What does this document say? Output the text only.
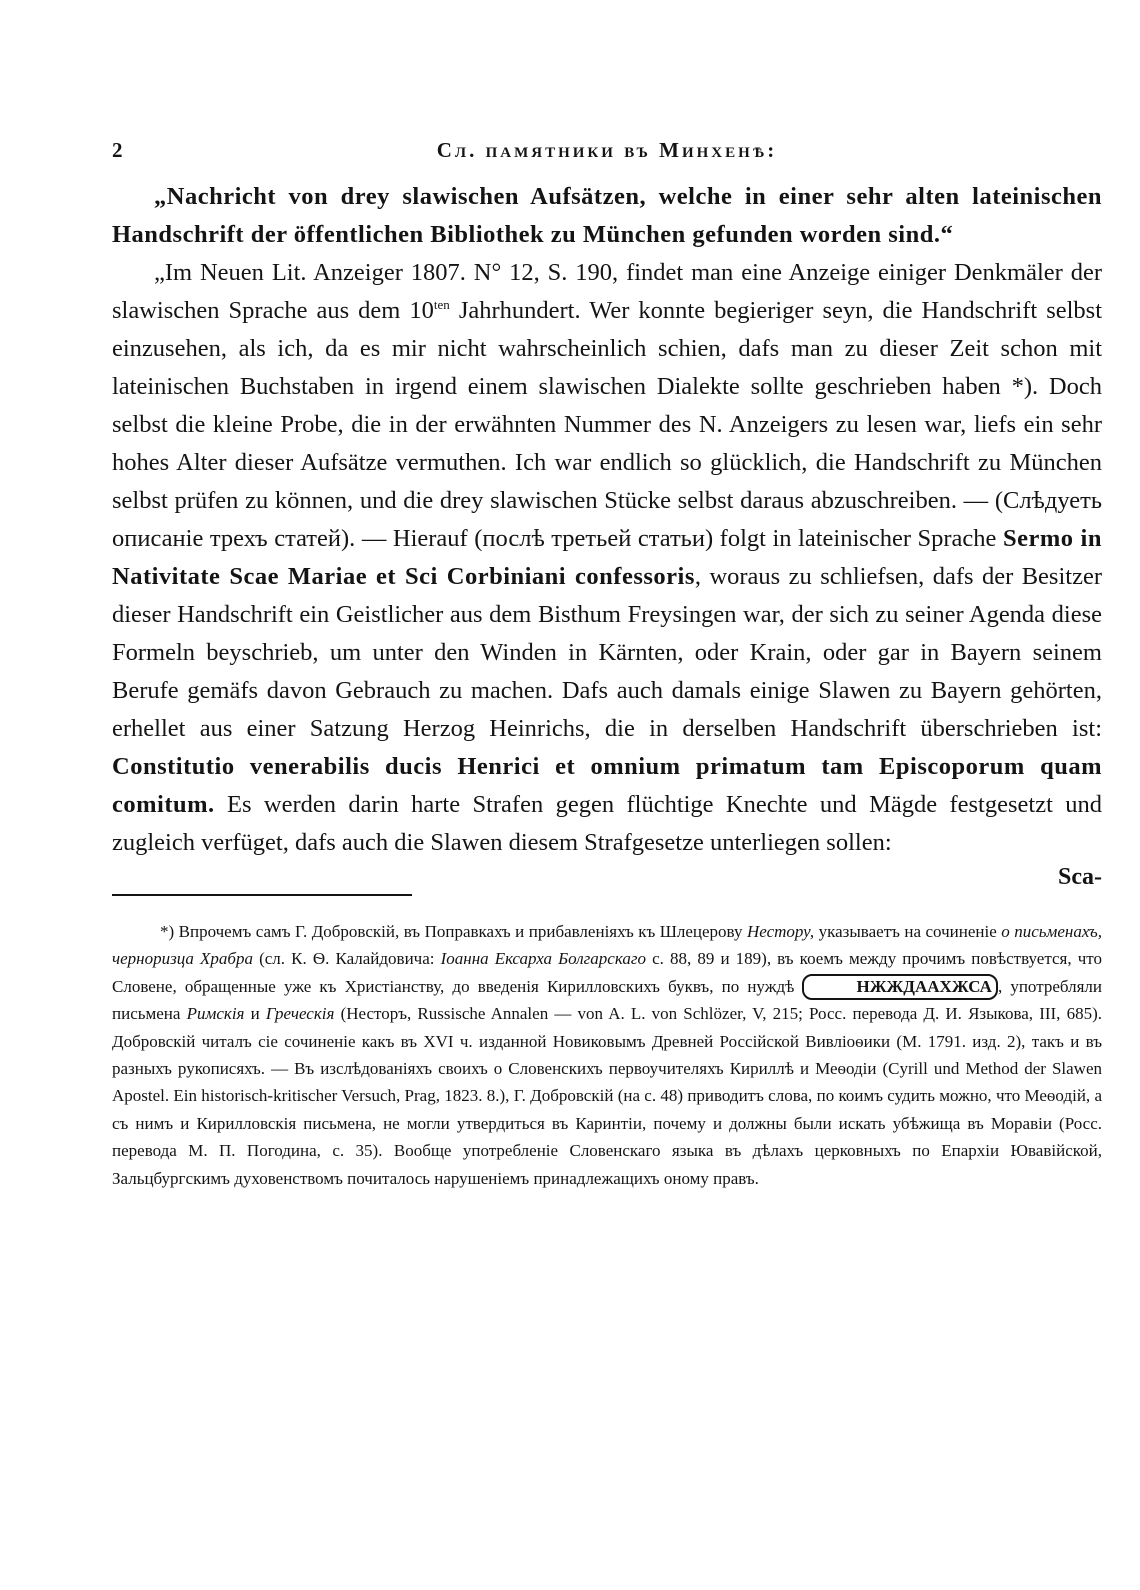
2	Сл. памятники въ Минхенѣ:

„Nachricht von drey slawischen Aufsätzen, welche in einer sehr alten lateinischen Handschrift der öffentlichen Bibliothek zu München gefunden worden sind.“

„Im Neuen Lit. Anzeiger 1807. N° 12, S. 190, findet man eine Anzeige einiger Denkmäler der slawischen Sprache aus dem $10^{ten}$ Jahrhundert. Wer konnte begieriger seyn, die Handschrift selbst einzusehen, als ich, da es mir nicht wahrscheinlich schien, dafs man zu dieser Zeit schon mit lateinischen Buchstaben in irgend einem slawischen Dialekte sollte geschrieben haben *). Doch selbst die kleine Probe, die in der erwähnten Nummer des N. Anzeigers zu lesen war, liefs ein sehr hohes Alter dieser Aufsätze vermuthen. Ich war endlich so glücklich, die Handschrift zu München selbst prüfen zu können, und die drey slawischen Stücke selbst daraus abzuschreiben. — (Слѣдуеть описаніе трехъ статей). — Hierauf (послѣ третьей статьи) folgt in lateinischer Sprache Sermo in Nativitate Scae Mariae et Sci Corbiniani confessoris, woraus zu schliefsen, dafs der Besitzer dieser Handschrift ein Geistlicher aus dem Bisthum Freysingen war, der sich zu seiner Agenda diese Formeln beyschrieb, um unter den Winden in Kärnten, oder Krain, oder gar in Bayern seinem Berufe gemäfs davon Gebrauch zu machen. Dafs auch damals einige Slawen zu Bayern gehörten, erhellet aus einer Satzung Herzog Heinrichs, die in derselben Handschrift überschrieben ist: Constitutio venerabilis ducis Henrici et omnium primatum tam Episcoporum quam comitum. Es werden darin harte Strafen gegen flüchtige Knechte und Mägde festgesetzt und zugleich verfüget, dafs auch die Slawen diesem Strafgesetze unterliegen sollen:

Sca-

*) Впрочемъ самъ Г. Добровскій, въ Поправкахъ и прибавленіяхъ къ Шлецерову Нестору, указываетъ на сочиненіе о письменахъ, черноризца Храбра (сл. К. Ѳ. Калайдовича: Іоанна Ексарха Болгарскаго с. 88, 89 и 189), въ коемъ между прочимъ повѣствуется, что Словене, обращенные уже къ Христіанству, до введенія Кирилловскихъ буквъ, по нуждѣ	НЖЖДААХЖСА , употребляли письмена Римскія и Греческія (Несторъ, Russische Annalen — von A. L. von Schlözer, V, 215; Росс. перевода Д. И. Языкова, III, 685). Добровскій читалъ сіе сочиненіе какъ въ XVI ч. изданной Новиковымъ Древней Россійской Вивліоѳики (М. 1791. изд. 2), такъ и въ разныхъ рукописяхъ. — Въ изслѣдованіяхъ своихъ о Словенскихъ первоучителяхъ Кириллѣ и Меѳодіи (Cyrill und Method der Slawen Apostel. Ein historisch-kritischer Versuch, Prag, 1823. 8.), Г. Добровскій (на с. 48) приводитъ слова, по коимъ судить можно, что Меѳодій, а съ нимъ и Кирилловскія письмена, не могли утвердиться въ Каринтіи, почему и должны были искать убѣжища въ Моравіи (Росс. перевода М. П. Погодина, с. 35). Вообще употребленіе Словенскаго языка въ дѣлахъ церковныхъ по Епархіи Ювавійской, Зальцбургскимъ духовенствомъ почиталось нарушеніемъ принадлежащихъ оному правъ.
